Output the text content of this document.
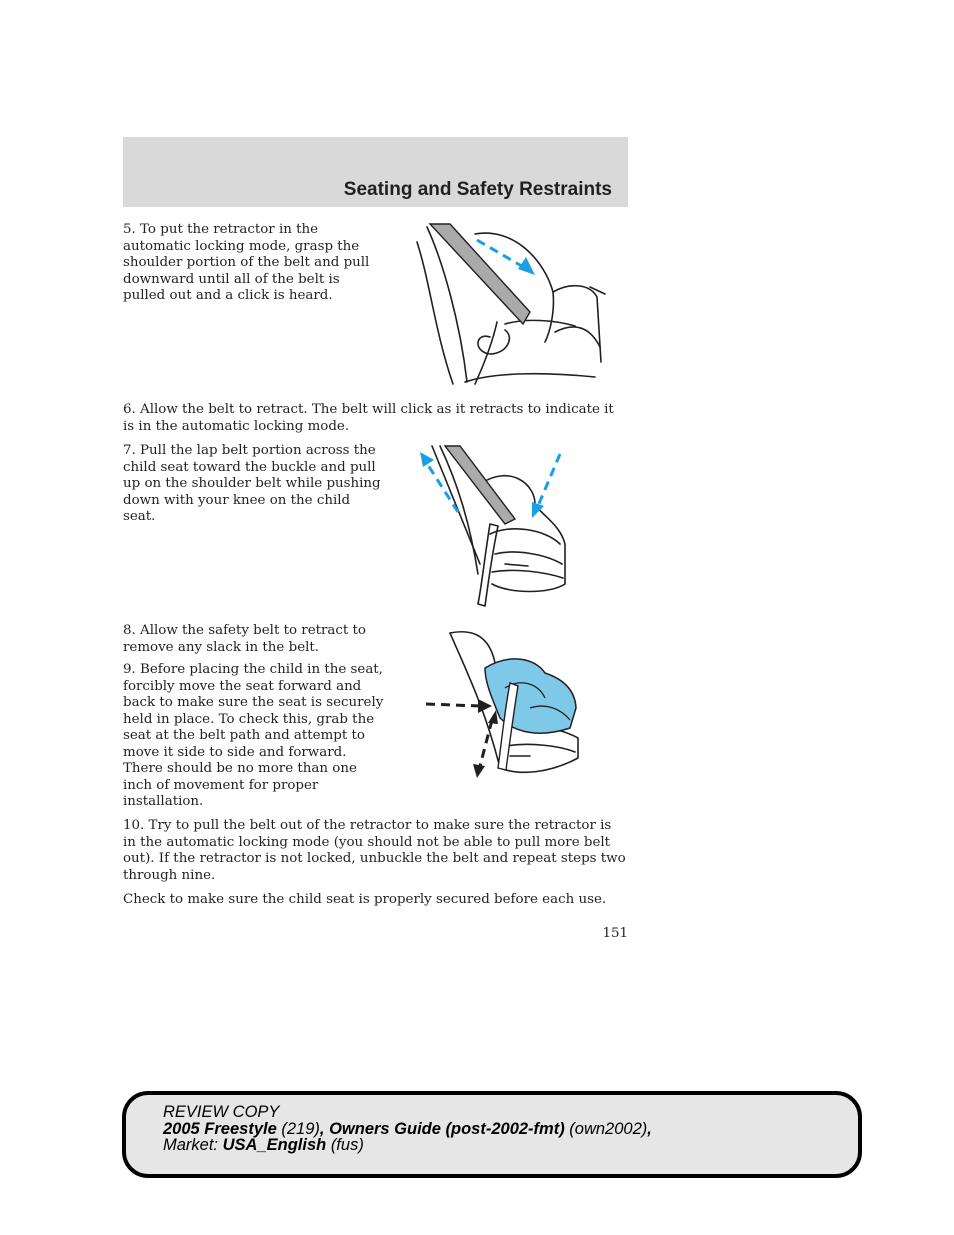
Seating and Safety Restraints

5. To put the retractor in the automatic locking mode, grasp the shoulder portion of the belt and pull downward until all of the belt is pulled out and a click is heard.

6. Allow the belt to retract. The belt will click as it retracts to indicate it is in the automatic locking mode.

7. Pull the lap belt portion across the child seat toward the buckle and pull up on the shoulder belt while pushing down with your knee on the child seat.

8. Allow the safety belt to retract to remove any slack in the belt.

9. Before placing the child in the seat, forcibly move the seat forward and back to make sure the seat is securely held in place. To check this, grab the seat at the belt path and attempt to move it side to side and forward. There should be no more than one inch of movement for proper installation.

10. Try to pull the belt out of the retractor to make sure the retractor is in the automatic locking mode (you should not be able to pull more belt out). If the retractor is not locked, unbuckle the belt and repeat steps two through nine.

Check to make sure the child seat is properly secured before each use.

151
REVIEW COPY
2005 Freestyle (219), Owners Guide (post-2002-fmt) (own2002),
Market: USA_English (fus)
